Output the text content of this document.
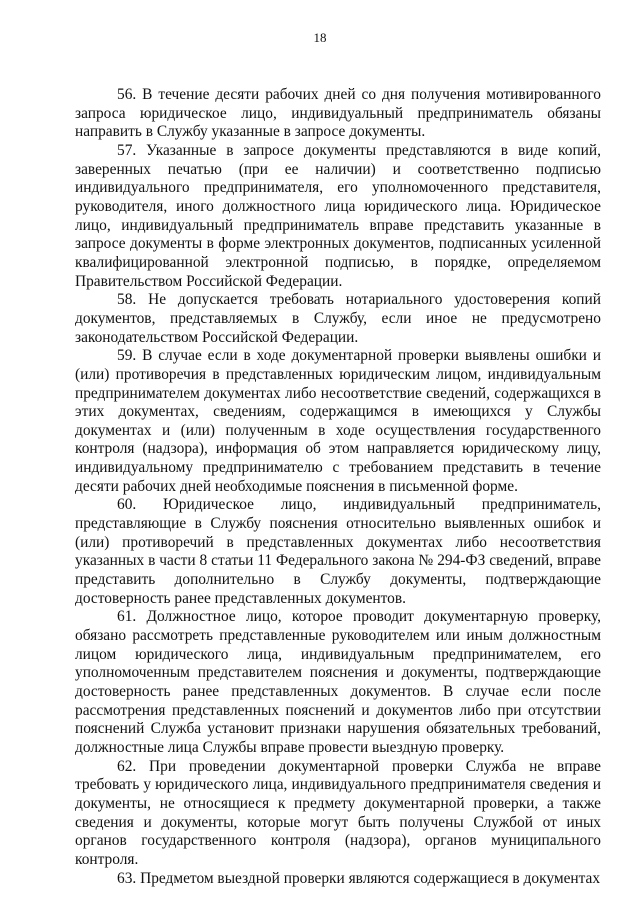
18

56. В течение десяти рабочих дней со дня получения мотивированного запроса юридическое лицо, индивидуальный предприниматель обязаны направить в Службу указанные в запросе документы.

57. Указанные в запросе документы представляются в виде копий, заверенных печатью (при ее наличии) и соответственно подписью индивидуального предпринимателя, его уполномоченного представителя, руководителя, иного должностного лица юридического лица. Юридическое лицо, индивидуальный предприниматель вправе представить указанные в запросе документы в форме электронных документов, подписанных усиленной квалифицированной электронной подписью, в порядке, определяемом Правительством Российской Федерации.

58. Не допускается требовать нотариального удостоверения копий документов, представляемых в Службу, если иное не предусмотрено законодательством Российской Федерации.

59. В случае если в ходе документарной проверки выявлены ошибки и (или) противоречия в представленных юридическим лицом, индивидуальным предпринимателем документах либо несоответствие сведений, содержащихся в этих документах, сведениям, содержащимся в имеющихся у Службы документах и (или) полученным в ходе осуществления государственного контроля (надзора), информация об этом направляется юридическому лицу, индивидуальному предпринимателю с требованием представить в течение десяти рабочих дней необходимые пояснения в письменной форме.

60. Юридическое лицо, индивидуальный предприниматель, представляющие в Службу пояснения относительно выявленных ошибок и (или) противоречий в представленных документах либо несоответствия указанных в части 8 статьи 11 Федерального закона № 294-ФЗ сведений, вправе представить дополнительно в Службу документы, подтверждающие достоверность ранее представленных документов.

61. Должностное лицо, которое проводит документарную проверку, обязано рассмотреть представленные руководителем или иным должностным лицом юридического лица, индивидуальным предпринимателем, его уполномоченным представителем пояснения и документы, подтверждающие достоверность ранее представленных документов. В случае если после рассмотрения представленных пояснений и документов либо при отсутствии пояснений Служба установит признаки нарушения обязательных требований, должностные лица Службы вправе провести выездную проверку.

62. При проведении документарной проверки Служба не вправе требовать у юридического лица, индивидуального предпринимателя сведения и документы, не относящиеся к предмету документарной проверки, а также сведения и документы, которые могут быть получены Службой от иных органов государственного контроля (надзора), органов муниципального контроля.

63. Предметом выездной проверки являются содержащиеся в документах
